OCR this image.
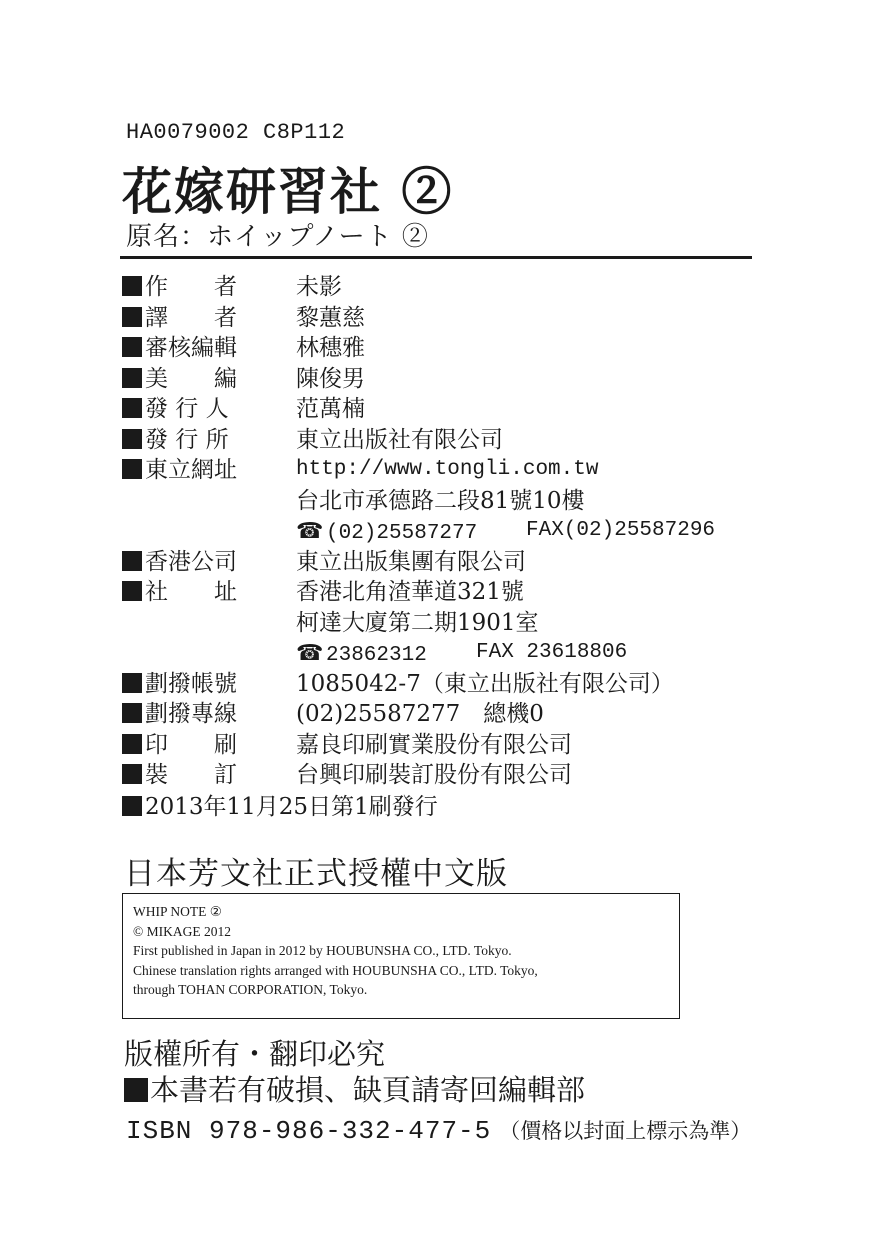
HA0079002 C8P112
花嫁研習社 ②
原名：ホイップノート ②
作　　者	未影
譯　　者	黎蕙慈
審核編輯	林穗雅
美　　編	陳俊男
發 行 人	范萬楠
發 行 所	東立出版社有限公司
東立網址	http://www.tongli.com.tw
台北市承德路二段81號10樓
☎ (02)25587277 FAX(02)25587296
香港公司	東立出版集團有限公司
社　　址	香港北角渣華道321號
柯達大廈第二期1901室
☎ 23862312 FAX 23618806
劃撥帳號	1085042-7（東立出版社有限公司）
劃撥專線	(02)25587277　總機0
印　　刷	嘉良印刷實業股份有限公司
裝　　訂	台興印刷裝訂股份有限公司
2013年11月25日第1刷發行
日本芳文社正式授權中文版
WHIP NOTE ②
© MIKAGE 2012
First published in Japan in 2012 by HOUBUNSHA CO., LTD. Tokyo.
Chinese translation rights arranged with HOUBUNSHA CO., LTD. Tokyo,
through TOHAN CORPORATION, Tokyo.
版權所有・翻印必究
本書若有破損、缺頁請寄回編輯部
ISBN 978-986-332-477-5 （價格以封面上標示為準）
